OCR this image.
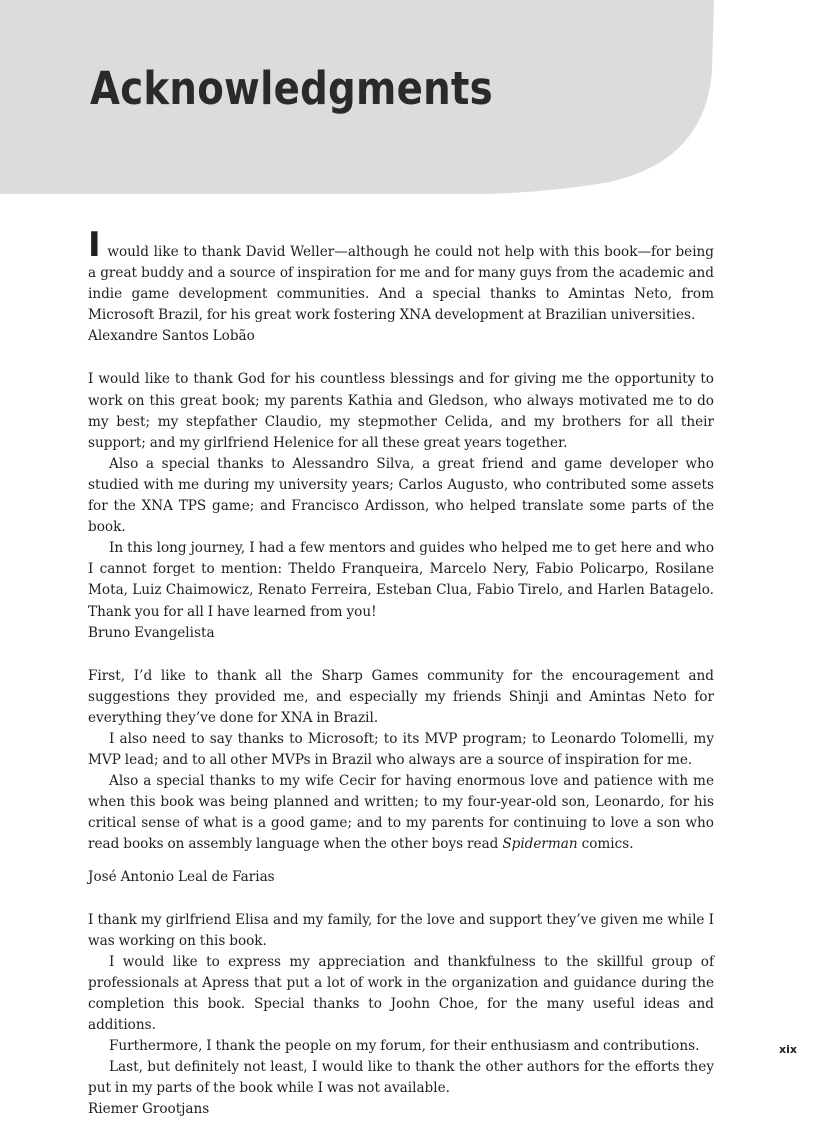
Acknowledgments

I would like to thank David Weller—although he could not help with this book—for being a great buddy and a source of inspiration for me and for many guys from the academic and indie game development communities. And a special thanks to Amintas Neto, from Microsoft Brazil, for his great work fostering XNA development at Brazilian universities.

Alexandre Santos Lobão

I would like to thank God for his countless blessings and for giving me the opportunity to work on this great book; my parents Kathia and Gledson, who always motivated me to do my best; my stepfather Claudio, my stepmother Celida, and my brothers for all their support; and my girlfriend Helenice for all these great years together.

Also a special thanks to Alessandro Silva, a great friend and game developer who studied with me during my university years; Carlos Augusto, who contributed some assets for the XNA TPS game; and Francisco Ardisson, who helped translate some parts of the book.

In this long journey, I had a few mentors and guides who helped me to get here and who I cannot forget to mention: Theldo Franqueira, Marcelo Nery, Fabio Policarpo, Rosilane Mota, Luiz Chaimowicz, Renato Ferreira, Esteban Clua, Fabio Tirelo, and Harlen Batagelo. Thank you for all I have learned from you!

Bruno Evangelista

First, I’d like to thank all the Sharp Games community for the encouragement and suggestions they provided me, and especially my friends Shinji and Amintas Neto for everything they’ve done for XNA in Brazil.

I also need to say thanks to Microsoft; to its MVP program; to Leonardo Tolomelli, my MVP lead; and to all other MVPs in Brazil who always are a source of inspiration for me.

Also a special thanks to my wife Cecir for having enormous love and patience with me when this book was being planned and written; to my four-year-old son, Leonardo, for his critical sense of what is a good game; and to my parents for continuing to love a son who read books on assembly language when the other boys read Spiderman comics.

José Antonio Leal de Farias

I thank my girlfriend Elisa and my family, for the love and support they’ve given me while I was working on this book.

I would like to express my appreciation and thankfulness to the skillful group of professionals at Apress that put a lot of work in the organization and guidance during the completion this book. Special thanks to Joohn Choe, for the many useful ideas and additions.

Furthermore, I thank the people on my forum, for their enthusiasm and contributions.

Last, but definitely not least, I would like to thank the other authors for the efforts they put in my parts of the book while I was not available.

Riemer Grootjans

xix
